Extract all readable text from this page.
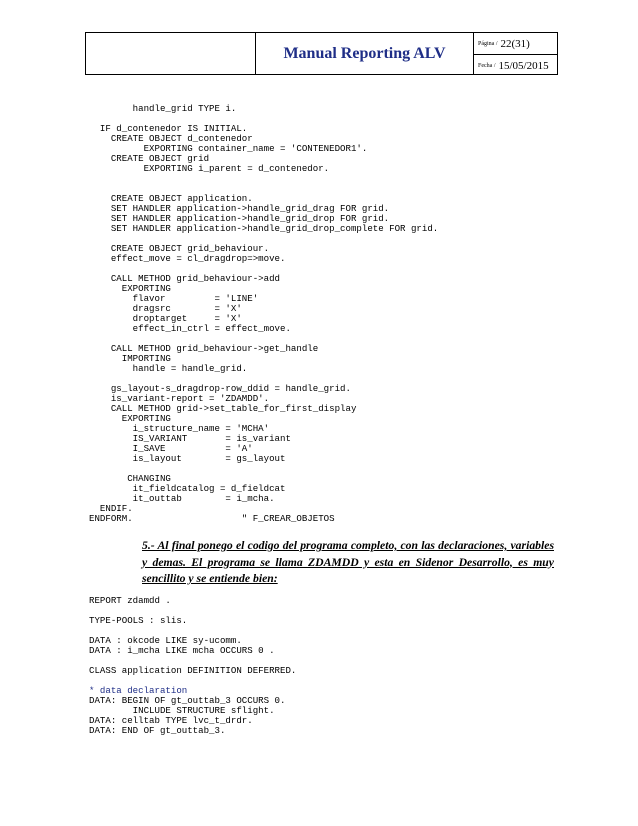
Manual Reporting ALV
Página / 22(31)
Fecha / 15/05/2015
handle_grid TYPE i.

IF d_contenedor IS INITIAL.
CREATE OBJECT d_contenedor
EXPORTING container_name = 'CONTENEDOR1'.
CREATE OBJECT grid
EXPORTING i_parent = d_contenedor.

CREATE OBJECT application.
SET HANDLER application->handle_grid_drag FOR grid.
SET HANDLER application->handle_grid_drop FOR grid.
SET HANDLER application->handle_grid_drop_complete FOR grid.

CREATE OBJECT grid_behaviour.
effect_move = cl_dragdrop=>move.

CALL METHOD grid_behaviour->add
EXPORTING
flavor         = 'LINE'
dragsrc        = 'X'
droptarget     = 'X'
effect_in_ctrl = effect_move.

CALL METHOD grid_behaviour->get_handle
IMPORTING
handle = handle_grid.

gs_layout-s_dragdrop-row_ddid = handle_grid.
is_variant-report = 'ZDAMDD'.
CALL METHOD grid->set_table_for_first_display
EXPORTING
i_structure_name = 'MCHA'
IS_VARIANT       = is_variant
I_SAVE           = 'A'
is_layout        = gs_layout

CHANGING
it_fieldcatalog = d_fieldcat
it_outtab        = i_mcha.
ENDIF.
ENDFORM.                    " F_CREAR_OBJETOS
5.- Al final ponego el codigo del programa completo, con las declaraciones, variables y demas. El programa se llama ZDAMDD y esta en Sidenor Desarrollo, es muy sencillito y se entiende bien:
REPORT zdamdd .

TYPE-POOLS : slis.

DATA : okcode LIKE sy-ucomm.
DATA : i_mcha LIKE mcha OCCURS 0 .

CLASS application DEFINITION DEFERRED.

* data declaration
DATA: BEGIN OF gt_outtab_3 OCCURS 0.
INCLUDE STRUCTURE sflight.
DATA: celltab TYPE lvc_t_drdr.
DATA: END OF gt_outtab_3.
